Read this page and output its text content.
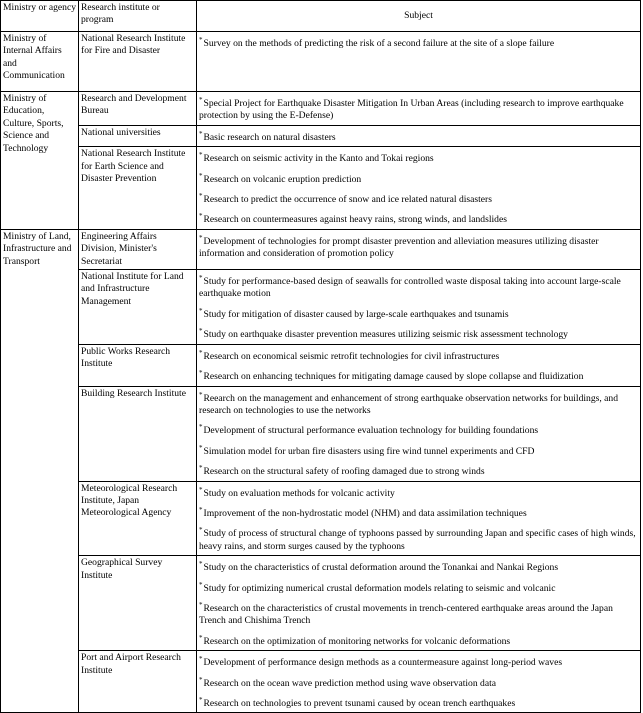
Ministry or agency	Research institute or program	Subject
Ministry of Internal Affairs and Communication	National Research Institute for Fire and Disaster	*Survey on the methods of predicting the risk of a second failure at the site of a slope failure

Ministry of Education, Culture, Sports, Science and Technology	Research and Development Bureau	*Special Project for Earthquake Disaster Mitigation In Urban Areas (including research to improve earthquake protection by using the E-Defense)

	National universities	*Basic research on natural disasters

	National Research Institute for Earth Science and Disaster Prevention	*Research on seismic activity in the Kanto and Tokai regions
*Research on volcanic eruption prediction
*Research to predict the occurrence of snow and ice related natural disasters
*Research on countermeasures against heavy rains, strong winds, and landslides

Ministry of Land, Infrastructure and Transport	Engineering Affairs Division, Minister's Secretariat	*Development of technologies for prompt disaster prevention and alleviation measures utilizing disaster information and consideration of promotion policy

	National Institute for Land and Infrastructure Management	*Study for performance-based design of seawalls for controlled waste disposal taking into account large-scale earthquake motion
*Study for mitigation of disaster caused by large-scale earthquakes and tsunamis
*Study on earthquake disaster prevention measures utilizing seismic risk assessment technology

	Public Works Research Institute	*Research on economical seismic retrofit technologies for civil infrastructures
*Research on enhancing techniques for mitigating damage caused by slope collapse and fluidization

	Building Research Institute	*Reearch on the management and enhancement of strong earthquake observation networks for buildings, and research on technologies to use the networks
*Development of structural performance evaluation technology for building foundations
*Simulation model for urban fire disasters using fire wind tunnel experiments and CFD
*Research on the structural safety of roofing damaged due to strong winds

	Meteorological Research Institute, Japan Meteorological Agency	*Study on evaluation methods for volcanic activity
*Improvement of the non-hydrostatic model (NHM) and data assimilation techniques
*Study of process of structural change of typhoons passed by surrounding Japan and specific cases of high winds, heavy rains, and storm surges caused by the typhoons

	Geographical Survey Institute	*Study on the characteristics of crustal deformation around the Tonankai and Nankai Regions
*Study for optimizing numerical crustal deformation models relating to seismic and volcanic
*Research on the characteristics of crustal movements in trench-centered earthquake areas around the Japan Trench and Chishima Trench
*Research on the optimization of monitoring networks for volcanic deformations

	Port and Airport Research Institute	*Development of performance design methods as a countermeasure against long-period waves
*Research on the ocean wave prediction method using wave observation data
*Research on technologies to prevent tsunami caused by ocean trench earthquakes
